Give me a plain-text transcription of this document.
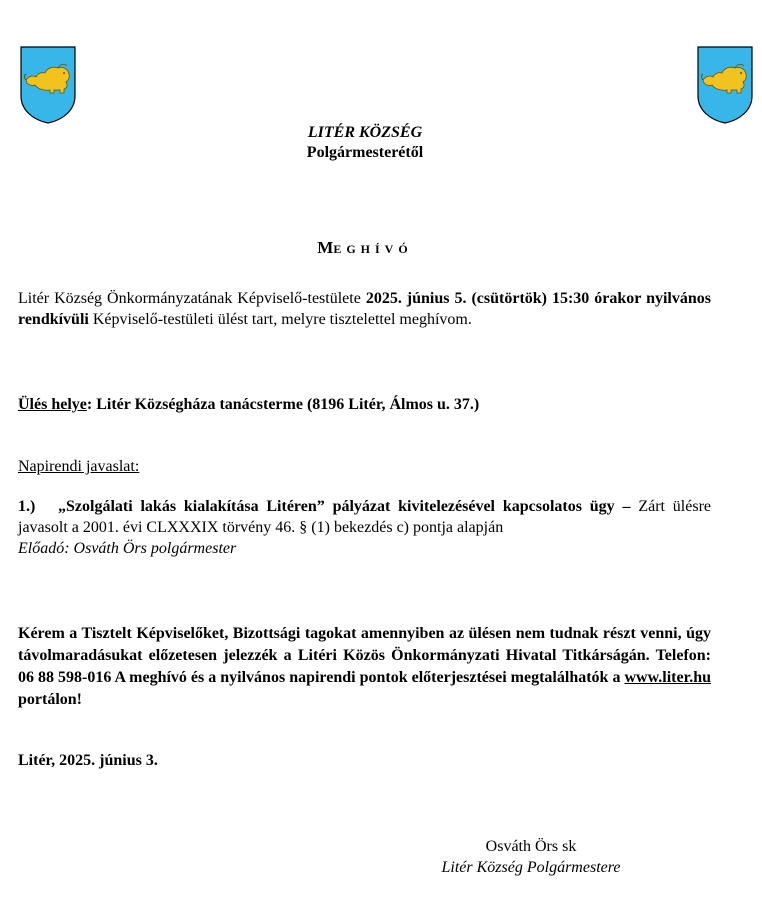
LITÉR KÖZSÉG
Polgármesterétől
MEGHÍVÓ
Litér Község Önkormányzatának Képviselő-testülete 2025. június 5. (csütörtök) 15:30 órakor nyilvános rendkívüli Képviselő-testületi ülést tart, melyre tisztelettel meghívom.
Ülés helye: Litér Községháza tanácsterme (8196 Litér, Álmos u. 37.)
Napirendi javaslat:
1.) „Szolgálati lakás kialakítása Litéren” pályázat kivitelezésével kapcsolatos ügy – Zárt ülésre javasolt a 2001. évi CLXXXIX törvény 46. § (1) bekezdés c) pontja alapján
Előadó: Osváth Örs polgármester
Kérem a Tisztelt Képviselőket, Bizottsági tagokat amennyiben az ülésen nem tudnak részt venni, úgy távolmaradásukat előzetesen jelezzék a Litéri Közös Önkormányzati Hivatal Titkárságán. Telefon: 06 88 598-016 A meghívó és a nyilvános napirendi pontok előterjesztései megtalálhatók a www.liter.hu portálon!
Litér, 2025. június 3.
Osváth Örs sk
Litér Község Polgármestere
